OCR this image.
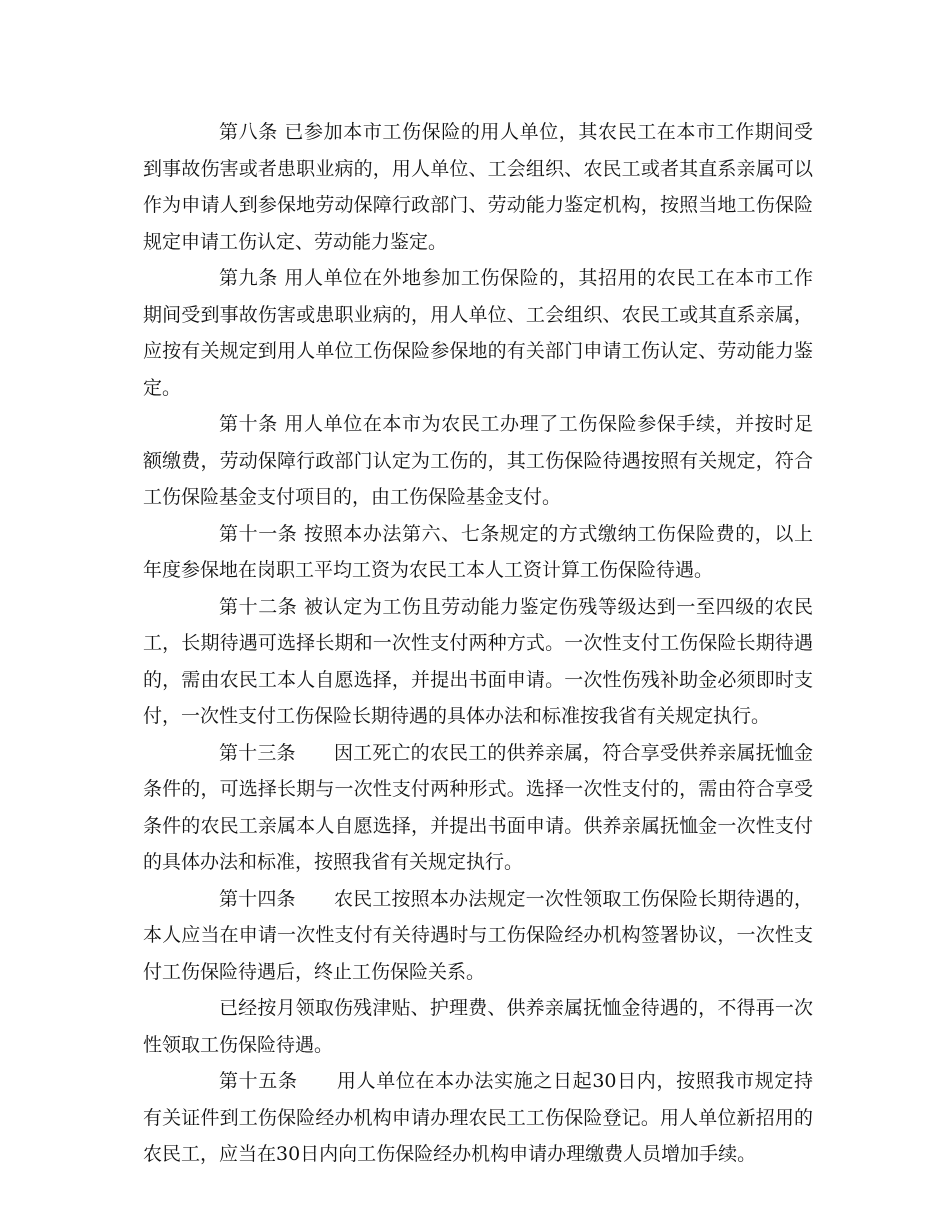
第八条 已参加本市工伤保险的用人单位，其农民工在本市工作期间受到事故伤害或者患职业病的，用人单位、工会组织、农民工或者其直系亲属可以作为申请人到参保地劳动保障行政部门、劳动能力鉴定机构，按照当地工伤保险规定申请工伤认定、劳动能力鉴定。

第九条 用人单位在外地参加工伤保险的，其招用的农民工在本市工作期间受到事故伤害或患职业病的，用人单位、工会组织、农民工或其直系亲属，应按有关规定到用人单位工伤保险参保地的有关部门申请工伤认定、劳动能力鉴定。

第十条 用人单位在本市为农民工办理了工伤保险参保手续，并按时足额缴费，劳动保障行政部门认定为工伤的，其工伤保险待遇按照有关规定，符合工伤保险基金支付项目的，由工伤保险基金支付。

第十一条 按照本办法第六、七条规定的方式缴纳工伤保险费的，以上年度参保地在岗职工平均工资为农民工本人工资计算工伤保险待遇。

第十二条 被认定为工伤且劳动能力鉴定伤残等级达到一至四级的农民工，长期待遇可选择长期和一次性支付两种方式。一次性支付工伤保险长期待遇的，需由农民工本人自愿选择，并提出书面申请。一次性伤残补助金必须即时支付，一次性支付工伤保险长期待遇的具体办法和标准按我省有关规定执行。

第十三条　　因工死亡的农民工的供养亲属，符合享受供养亲属抚恤金条件的，可选择长期与一次性支付两种形式。选择一次性支付的，需由符合享受条件的农民工亲属本人自愿选择，并提出书面申请。供养亲属抚恤金一次性支付的具体办法和标准，按照我省有关规定执行。

第十四条　　农民工按照本办法规定一次性领取工伤保险长期待遇的，本人应当在申请一次性支付有关待遇时与工伤保险经办机构签署协议，一次性支付工伤保险待遇后，终止工伤保险关系。

已经按月领取伤残津贴、护理费、供养亲属抚恤金待遇的，不得再一次性领取工伤保险待遇。

第十五条　　用人单位在本办法实施之日起30日内，按照我市规定持有关证件到工伤保险经办机构申请办理农民工工伤保险登记。用人单位新招用的农民工，应当在30日内向工伤保险经办机构申请办理缴费人员增加手续。
